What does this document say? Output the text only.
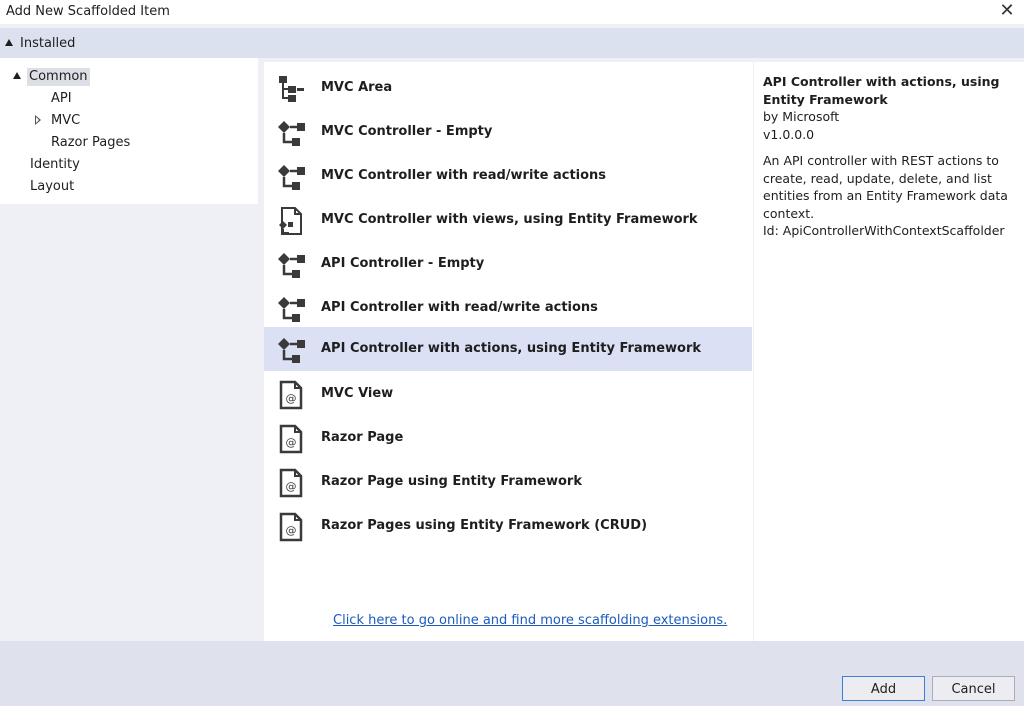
Add New Scaffolded Item	✕
Installed
Common
API
MVC
Razor Pages
Identity
Layout
MVC Area
MVC Controller - Empty
MVC Controller with read/write actions
MVC Controller with views, using Entity Framework
API Controller - Empty
API Controller with read/write actions
API Controller with actions, using Entity Framework
@ MVC View
@ Razor Page
@ Razor Page using Entity Framework
@ Razor Pages using Entity Framework (CRUD)
Click here to go online and find more scaffolding extensions.
API Controller with actions, using Entity Framework
by Microsoft
v1.0.0.0
An API controller with REST actions to create, read, update, delete, and list entities from an Entity Framework data context.
Id: ApiControllerWithContextScaffolder
Add	Cancel
